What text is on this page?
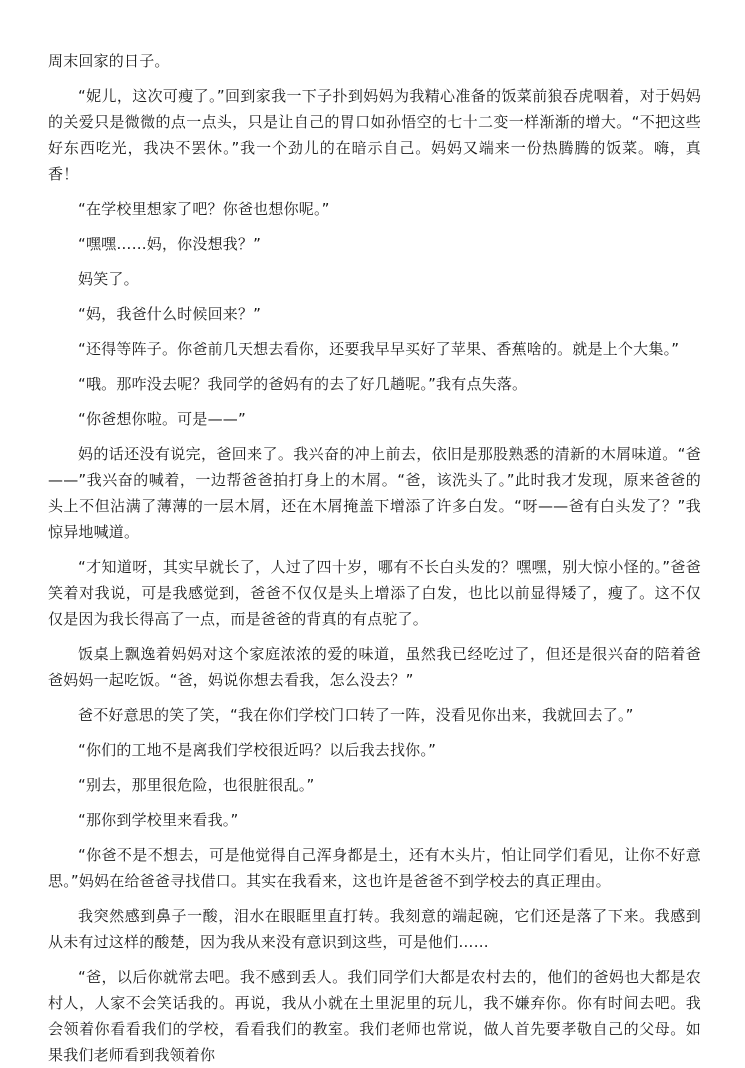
周末回家的日子。

“妮儿，这次可瘦了。”回到家我一下子扑到妈妈为我精心准备的饭菜前狼吞虎咽着，对于妈妈的关爱只是微微的点一点头，只是让自己的胃口如孙悟空的七十二变一样渐渐的增大。“不把这些好东西吃光，我决不罢休。”我一个劲儿的在暗示自己。妈妈又端来一份热腾腾的饭菜。嗨，真香！

“在学校里想家了吧？你爸也想你呢。”

“嘿嘿……妈，你没想我？”

妈笑了。

“妈，我爸什么时候回来？”

“还得等阵子。你爸前几天想去看你，还要我早早买好了苹果、香蕉啥的。就是上个大集。”

“哦。那咋没去呢？我同学的爸妈有的去了好几趟呢。”我有点失落。

“你爸想你啦。可是——”

妈的话还没有说完，爸回来了。我兴奋的冲上前去，依旧是那股熟悉的清新的木屑味道。“爸——”我兴奋的喊着，一边帮爸爸拍打身上的木屑。“爸，该洗头了。”此时我才发现，原来爸爸的头上不但沾满了薄薄的一层木屑，还在木屑掩盖下增添了许多白发。“呀——爸有白头发了？”我惊异地喊道。

“才知道呀，其实早就长了，人过了四十岁，哪有不长白头发的？嘿嘿，别大惊小怪的。”爸爸笑着对我说，可是我感觉到，爸爸不仅仅是头上增添了白发，也比以前显得矮了，瘦了。这不仅仅是因为我长得高了一点，而是爸爸的背真的有点驼了。

饭桌上飘逸着妈妈对这个家庭浓浓的爱的味道，虽然我已经吃过了，但还是很兴奋的陪着爸爸妈妈一起吃饭。“爸，妈说你想去看我，怎么没去？”

爸不好意思的笑了笑，“我在你们学校门口转了一阵，没看见你出来，我就回去了。”

“你们的工地不是离我们学校很近吗？以后我去找你。”

“别去，那里很危险，也很脏很乱。”

“那你到学校里来看我。”

“你爸不是不想去，可是他觉得自己浑身都是土，还有木头片，怕让同学们看见，让你不好意思。”妈妈在给爸爸寻找借口。其实在我看来，这也许是爸爸不到学校去的真正理由。

我突然感到鼻子一酸，泪水在眼眶里直打转。我刻意的端起碗，它们还是落了下来。我感到从未有过这样的酸楚，因为我从来没有意识到这些，可是他们……

“爸，以后你就常去吧。我不感到丢人。我们同学们大都是农村去的，他们的爸妈也大都是农村人，人家不会笑话我的。再说，我从小就在土里泥里的玩儿，我不嫌弃你。你有时间去吧。我会领着你看看我们的学校，看看我们的教室。我们老师也常说，做人首先要孝敬自己的父母。如果我们老师看到我领着你
